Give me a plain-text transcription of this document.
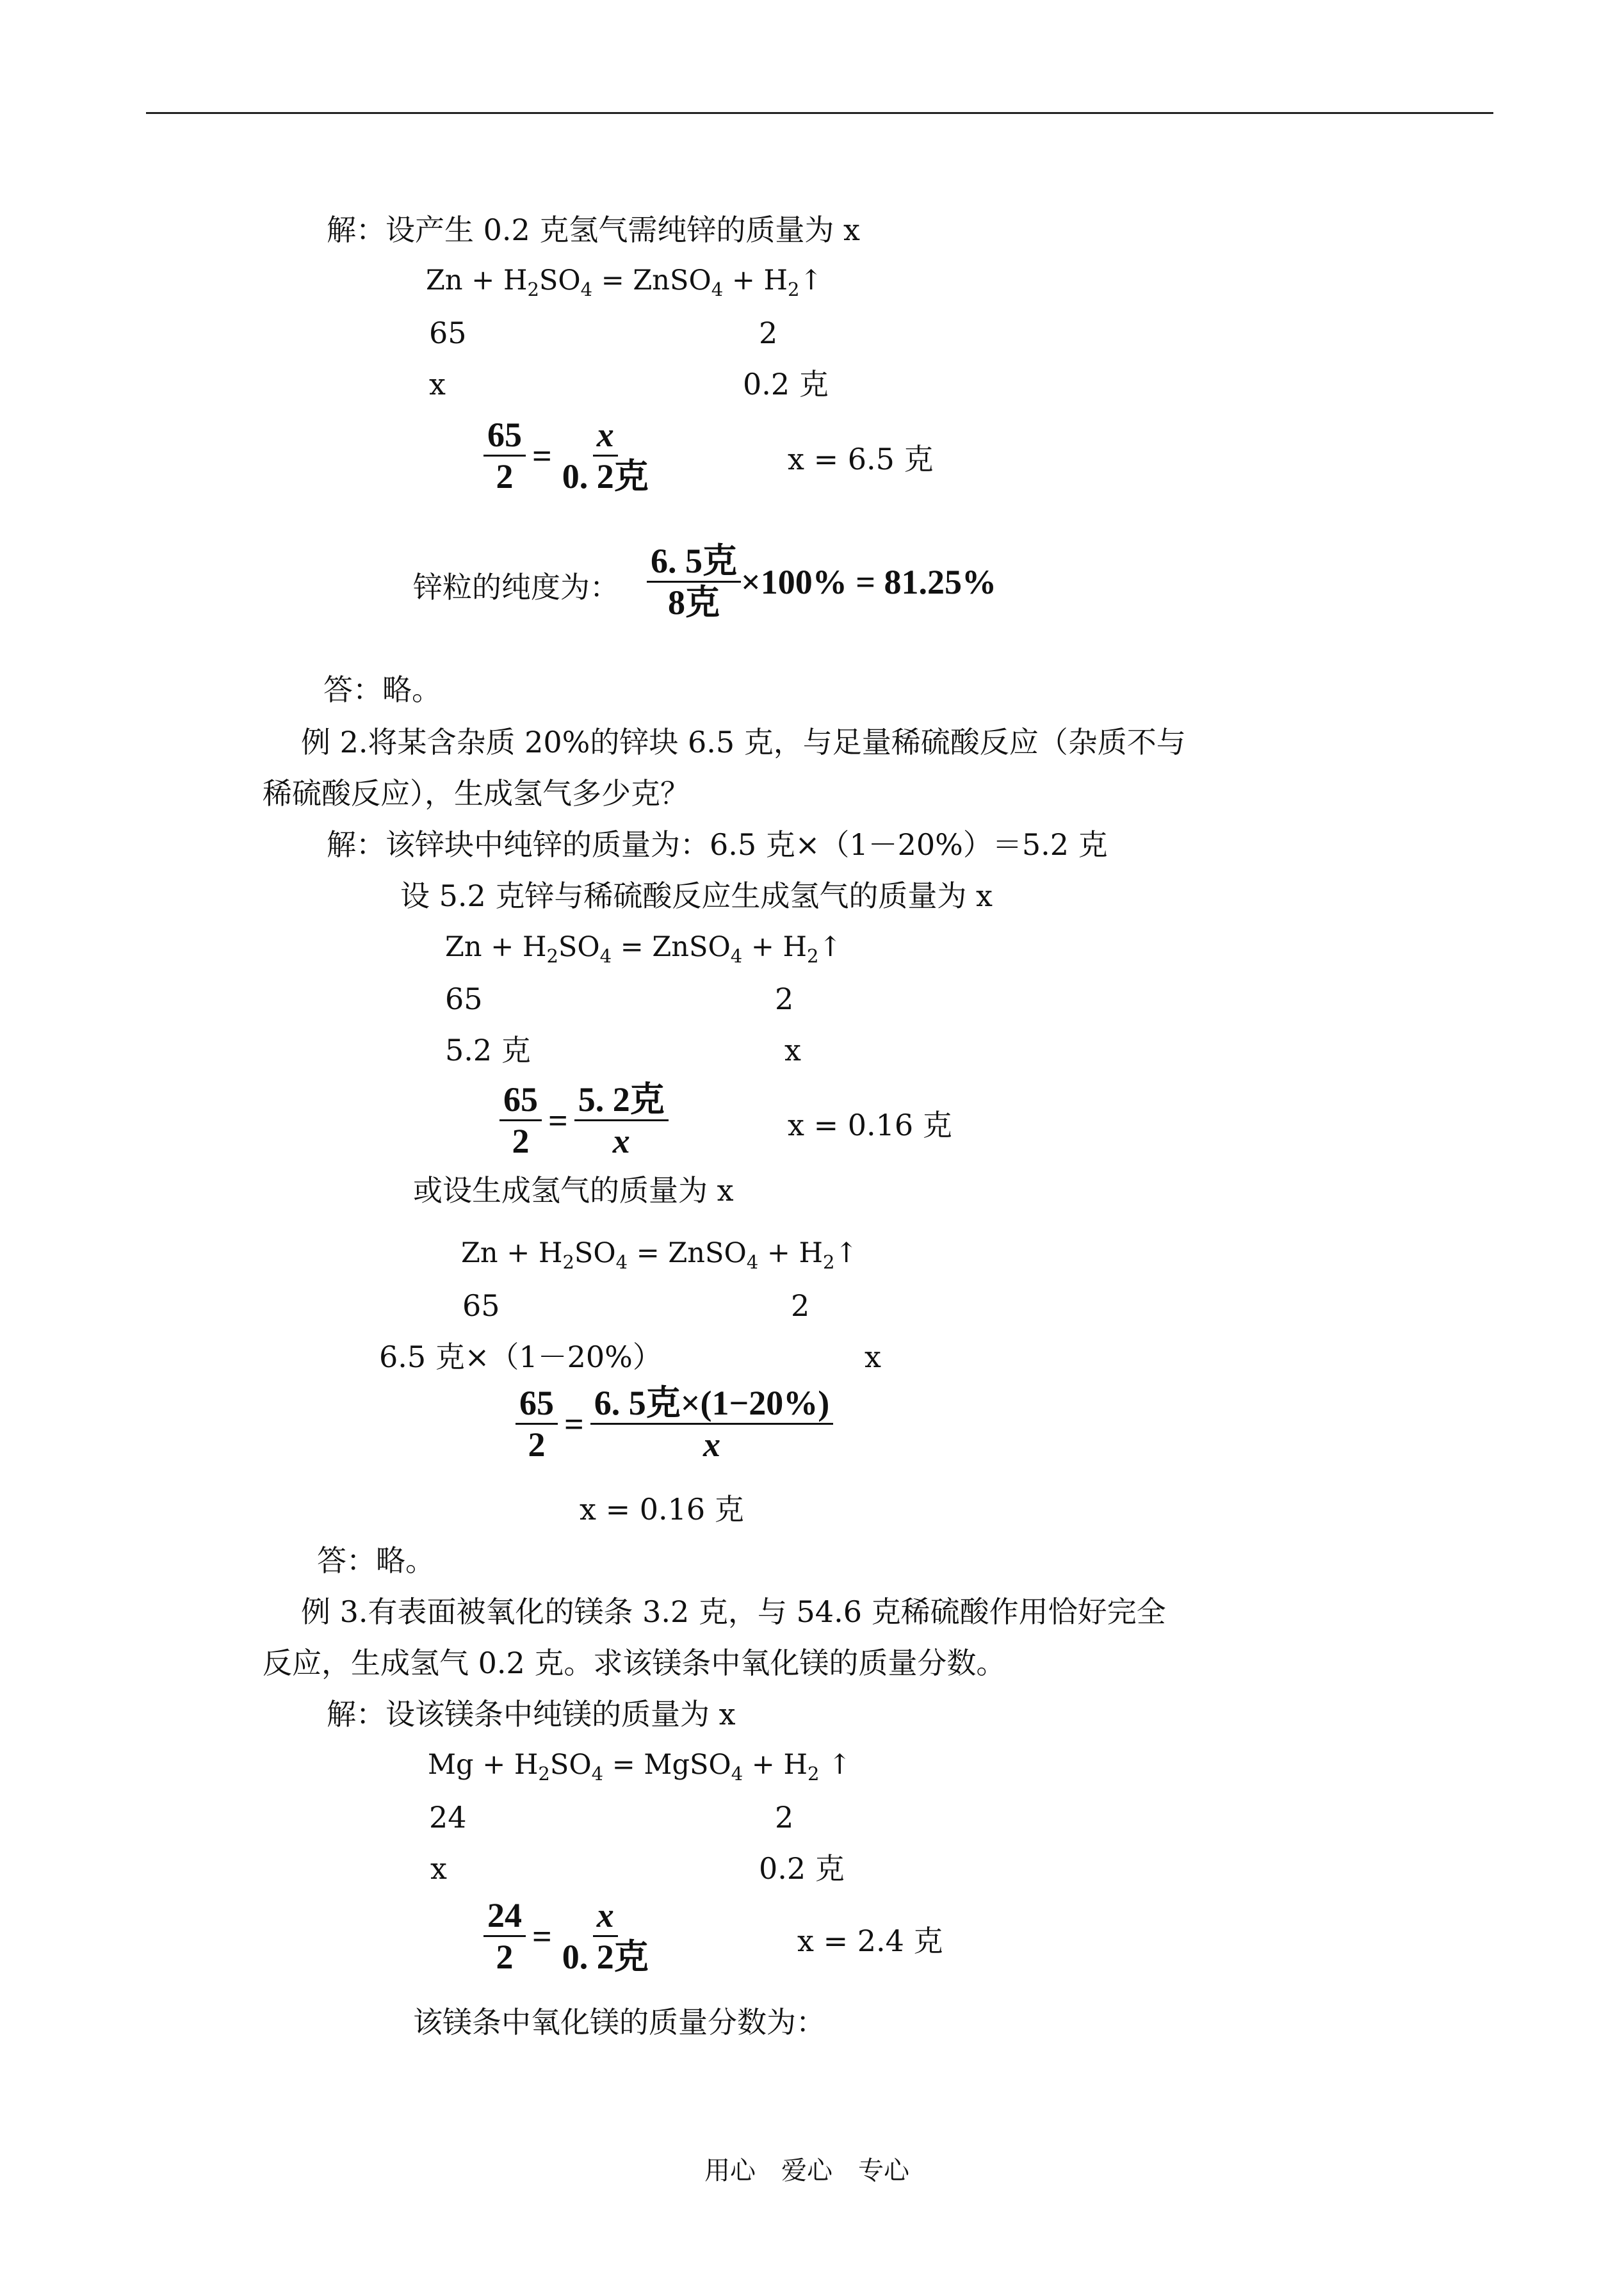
解：设产生 0.2 克氢气需纯锌的质量为 x
$Zn + H_2SO_4$ = ZnSO$_4$ + $H_2↑$
65	2
x	0.2 克
$\frac{65}{2} = \frac{x}{\text{0. 2克}}$	x = 6.5 克
锌粒的纯度为： $\frac{\text{6. 5克}}{\text{8克}} \times 100\% = 81.25\%$
答：略。
例 2.将某含杂质 20%的锌块 6.5 克，与足量稀硫酸反应（杂质不与
稀硫酸反应），生成氢气多少克？
解：该锌块中纯锌的质量为：6.5 克×（1－20%）＝5.2 克
设 5.2 克锌与稀硫酸反应生成氢气的质量为 x
$Zn + H_2SO_4$ = ZnSO$_4$ + $H_2↑$
65	2
5.2 克	x
$\frac{65}{2} = \frac{\text{5. 2克}}{x}$	x = 0.16 克
或设生成氢气的质量为 x
$Zn + H_2SO_4$ = ZnSO$_4$ + $H_2↑$
65	2
6.5 克×（1－20%）	x
$\frac{65}{2} = \frac{\text{6. 5克×(1−20\%)}}{x}$
x = 0.16 克
答：略。
例 3.有表面被氧化的镁条 3.2 克，与 54.6 克稀硫酸作用恰好完全
反应，生成氢气 0.2 克。求该镁条中氧化镁的质量分数。
解：设该镁条中纯镁的质量为 x
$Mg + H_2SO_4$ = MgSO$_4$ + $H_2$ ↑
24	2
x	0.2 克
$\frac{24}{2} = \frac{x}{\text{0. 2克}}$	x = 2.4 克
该镁条中氧化镁的质量分数为：
用心　爱心　专心
